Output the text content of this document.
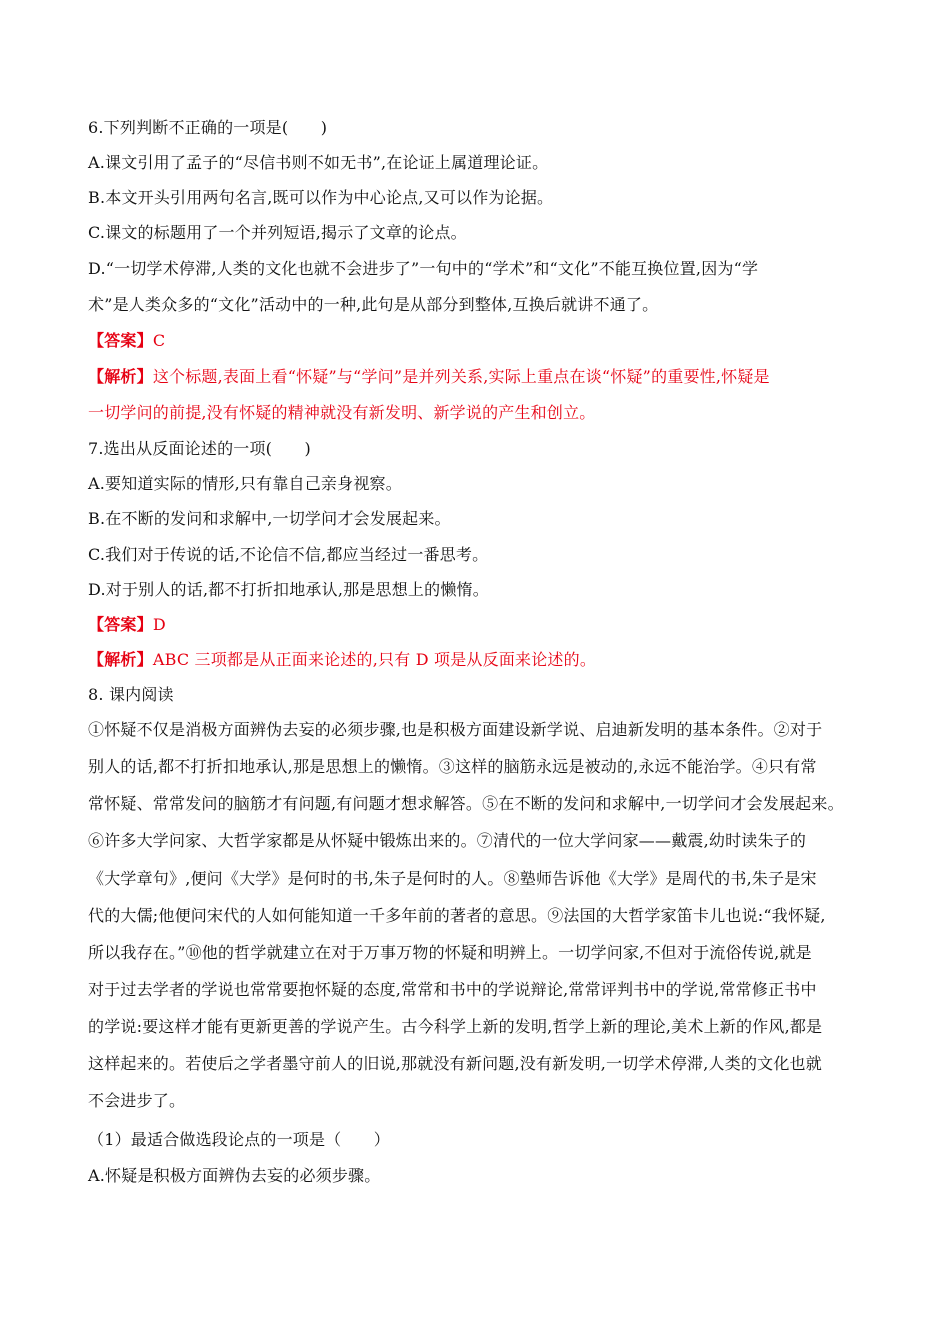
6.下列判断不正确的一项是(　　)
A.课文引用了孟子的“尽信书则不如无书”,在论证上属道理论证。
B.本文开头引用两句名言,既可以作为中心论点,又可以作为论据。
C.课文的标题用了一个并列短语,揭示了文章的论点。
D.“一切学术停滞,人类的文化也就不会进步了”一句中的“学术”和“文化”不能互换位置,因为“学
术”是人类众多的“文化”活动中的一种,此句是从部分到整体,互换后就讲不通了。
【答案】C
【解析】这个标题,表面上看“怀疑”与“学问”是并列关系,实际上重点在谈“怀疑”的重要性,怀疑是
一切学问的前提,没有怀疑的精神就没有新发明、新学说的产生和创立。
7.选出从反面论述的一项(　　)
A.要知道实际的情形,只有靠自己亲身视察。
B.在不断的发问和求解中,一切学问才会发展起来。
C.我们对于传说的话,不论信不信,都应当经过一番思考。
D.对于别人的话,都不打折扣地承认,那是思想上的懒惰。
【答案】D
【解析】ABC 三项都是从正面来论述的,只有 D 项是从反面来论述的。
8. 课内阅读
①怀疑不仅是消极方面辨伪去妄的必须步骤,也是积极方面建设新学说、启迪新发明的基本条件。②对于
别人的话,都不打折扣地承认,那是思想上的懒惰。③这样的脑筋永远是被动的,永远不能治学。④只有常
常怀疑、常常发问的脑筋才有问题,有问题才想求解答。⑤在不断的发问和求解中,一切学问才会发展起来。
⑥许多大学问家、大哲学家都是从怀疑中锻炼出来的。⑦清代的一位大学问家——戴震,幼时读朱子的
《大学章句》,便问《大学》是何时的书,朱子是何时的人。⑧塾师告诉他《大学》是周代的书,朱子是宋
代的大儒;他便问宋代的人如何能知道一千多年前的著者的意思。⑨法国的大哲学家笛卡儿也说:“我怀疑,
所以我存在。”⑩他的哲学就建立在对于万事万物的怀疑和明辨上。一切学问家,不但对于流俗传说,就是
对于过去学者的学说也常常要抱怀疑的态度,常常和书中的学说辩论,常常评判书中的学说,常常修正书中
的学说:要这样才能有更新更善的学说产生。古今科学上新的发明,哲学上新的理论,美术上新的作风,都是
这样起来的。若使后之学者墨守前人的旧说,那就没有新问题,没有新发明,一切学术停滞,人类的文化也就
不会进步了。
（1）最适合做选段论点的一项是（　　）
A.怀疑是积极方面辨伪去妄的必须步骤。
